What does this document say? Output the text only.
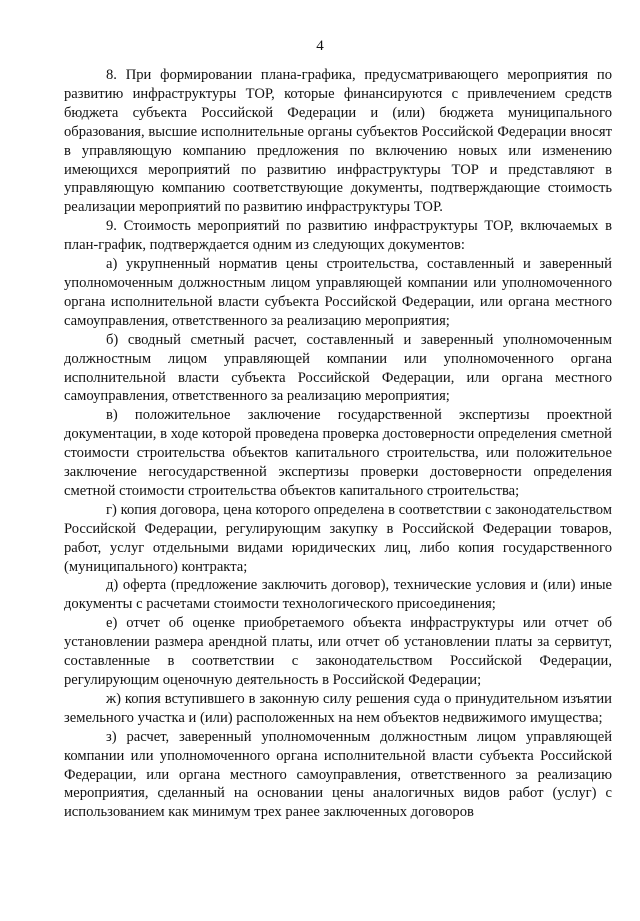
4

8. При формировании плана-графика, предусматривающего мероприятия по развитию инфраструктуры ТОР, которые финансируются с привлечением средств бюджета субъекта Российской Федерации и (или) бюджета муниципального образования, высшие исполнительные органы субъектов Российской Федерации вносят в управляющую компанию предложения по включению новых или изменению имеющихся мероприятий по развитию инфраструктуры ТОР и представляют в управляющую компанию соответствующие документы, подтверждающие стоимость реализации мероприятий по развитию инфраструктуры ТОР.

9. Стоимость мероприятий по развитию инфраструктуры ТОР, включаемых в план-график, подтверждается одним из следующих документов:

а) укрупненный норматив цены строительства, составленный и заверенный уполномоченным должностным лицом управляющей компании или уполномоченного органа исполнительной власти субъекта Российской Федерации, или органа местного самоуправления, ответственного за реализацию мероприятия;

б) сводный сметный расчет, составленный и заверенный уполномоченным должностным лицом управляющей компании или уполномоченного органа исполнительной власти субъекта Российской Федерации, или органа местного самоуправления, ответственного за реализацию мероприятия;

в) положительное заключение государственной экспертизы проектной документации, в ходе которой проведена проверка достоверности определения сметной стоимости строительства объектов капитального строительства, или положительное заключение негосударственной экспертизы проверки достоверности определения сметной стоимости строительства объектов капитального строительства;

г) копия договора, цена которого определена в соответствии с законодательством Российской Федерации, регулирующим закупку в Российской Федерации товаров, работ, услуг отдельными видами юридических лиц, либо копия государственного (муниципального) контракта;

д) оферта (предложение заключить договор), технические условия и (или) иные документы с расчетами стоимости технологического присоединения;

е) отчет об оценке приобретаемого объекта инфраструктуры или отчет об установлении размера арендной платы, или отчет об установлении платы за сервитут, составленные в соответствии с законодательством Российской Федерации, регулирующим оценочную деятельность в Российской Федерации;

ж) копия вступившего в законную силу решения суда о принудительном изъятии земельного участка и (или) расположенных на нем объектов недвижимого имущества;

з) расчет, заверенный уполномоченным должностным лицом управляющей компании или уполномоченного органа исполнительной власти субъекта Российской Федерации, или органа местного самоуправления, ответственного за реализацию мероприятия, сделанный на основании цены аналогичных видов работ (услуг) с использованием как минимум трех ранее заключенных договоров
